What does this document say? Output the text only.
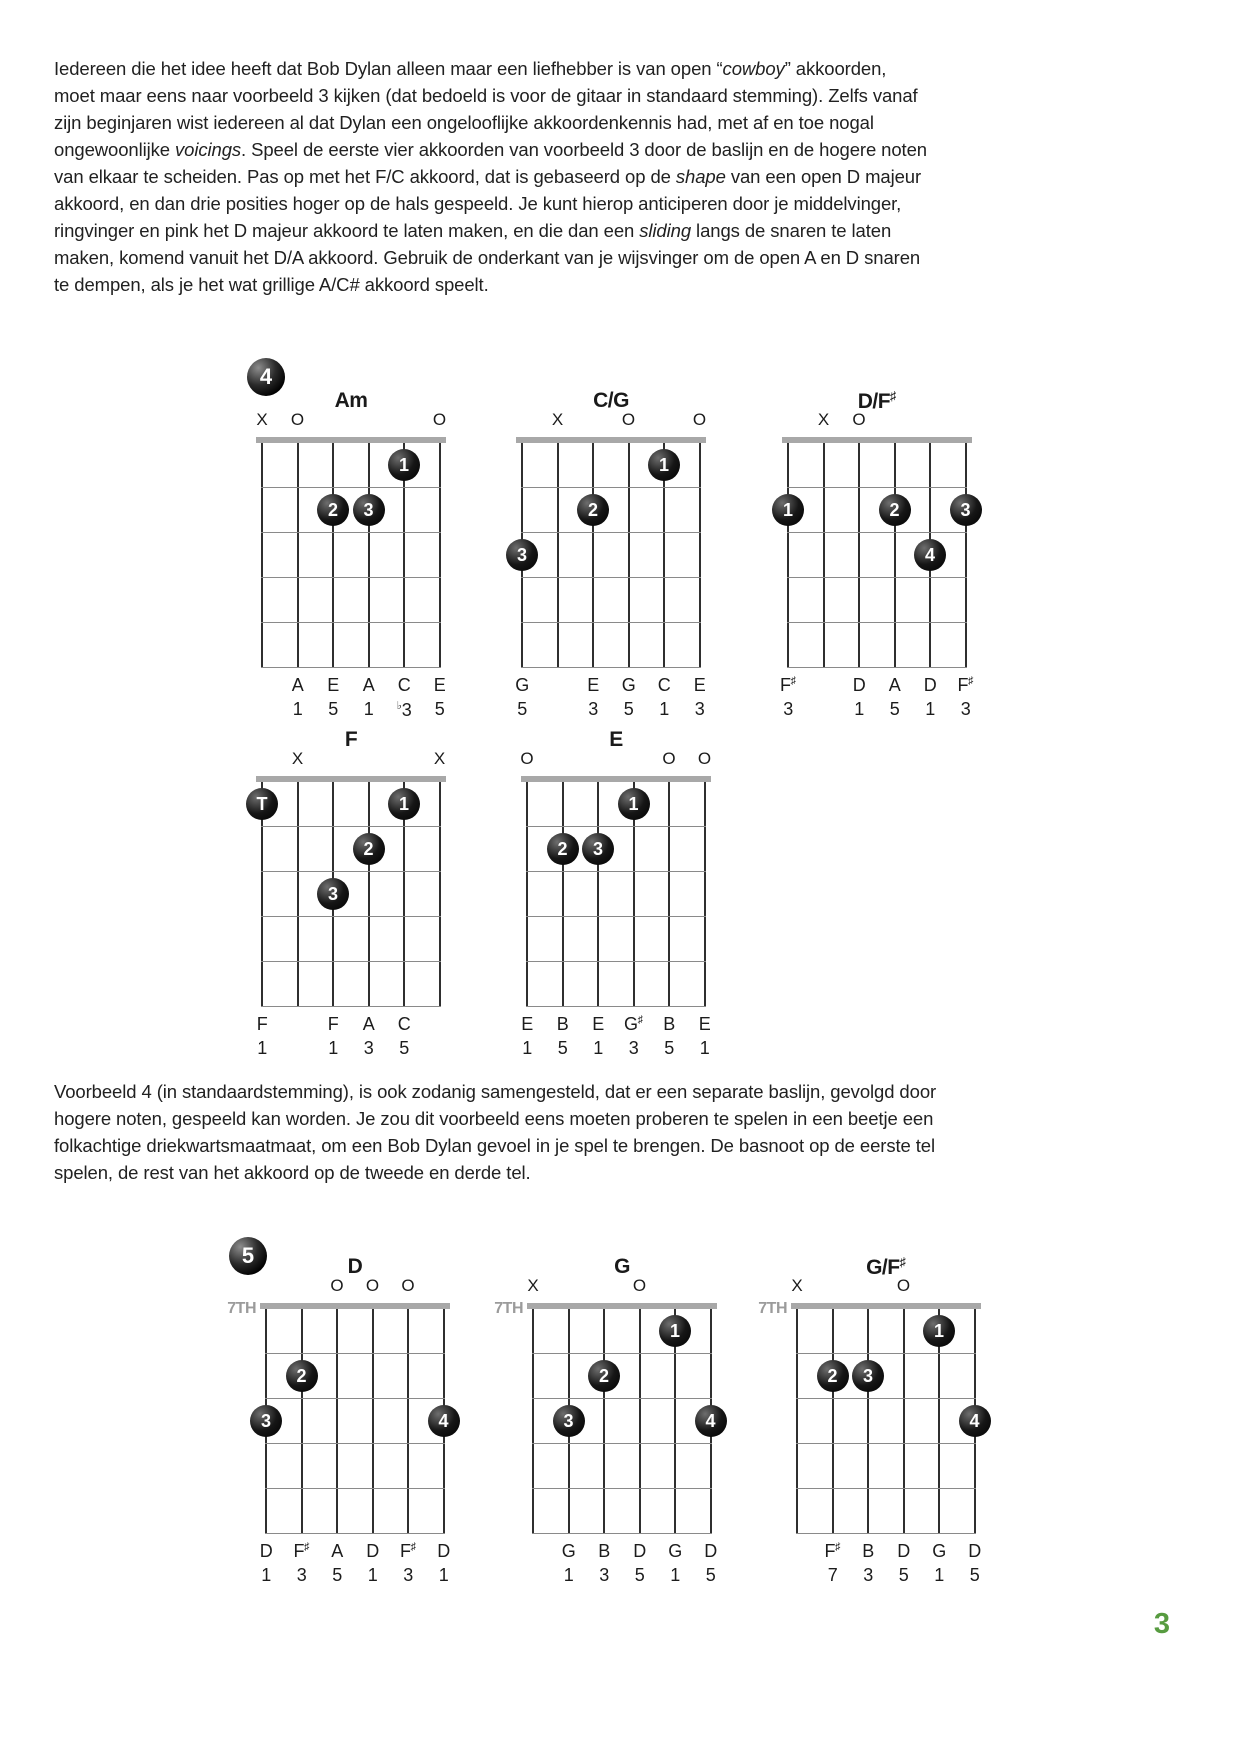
Iedereen die het idee heeft dat Bob Dylan alleen maar een liefhebber is van open “cowboy” akkoorden,
moet maar eens naar voorbeeld 3 kijken (dat bedoeld is voor de gitaar in standaard stemming). Zelfs vanaf
zijn beginjaren wist iedereen al dat Dylan een ongelooflijke akkoordenkennis had, met af en toe nogal
ongewoonlijke voicings. Speel de eerste vier akkoorden van voorbeeld 3 door de baslijn en de hogere noten
van elkaar te scheiden. Pas op met het F/C akkoord, dat is gebaseerd op de shape van een open D majeur
akkoord, en dan drie posities hoger op de hals gespeeld. Je kunt hierop anticiperen door je middelvinger,
ringvinger en pink het D majeur akkoord te laten maken, en die dan een sliding langs de snaren te laten
maken, komend vanuit het D/A akkoord. Gebruik de onderkant van je wijsvinger om de open A en D snaren
te dempen, als je het wat grillige A/C# akkoord speelt.
Voorbeeld 4 (in standaardstemming), is ook zodanig samengesteld, dat er een separate baslijn, gevolgd door
hogere noten, gespeeld kan worden. Je zou dit voorbeeld eens moeten proberen te spelen in een beetje een
folkachtige driekwartsmaatmaat, om een Bob Dylan gevoel in je spel te brengen. De basnoot op de eerste tel
spelen, de rest van het akkoord op de tweede en derde tel.
4
Am
X O	O
1
2	3
A	E	A	C	E
1	5	1	♭3	5
C/G
X	O	O
1
2
3
G	E	G	C	E
5	3	5	1	3
D/F♯
X O
1	2	3
4
F♯	D	A	D	F♯
3	1	5	1	3
F
X	X
T	1
2
3
F	F	A	C
1	1	3	5
E
O	O O
1
2	3
E	B	E	G♯	B	E
1	5	1	3	5	1
5	D
7TH
O O O
2
3	4
D	F♯	A	D	F♯	D
1	3	5	1	3	1
G
7TH
X	O
1
2
3	4
G	B	D	G	D
1	3	5	1	5
G/F♯
7TH
X	O
1
2	3
4
F♯	B	D	G	D
7	3	5	1	5
3
